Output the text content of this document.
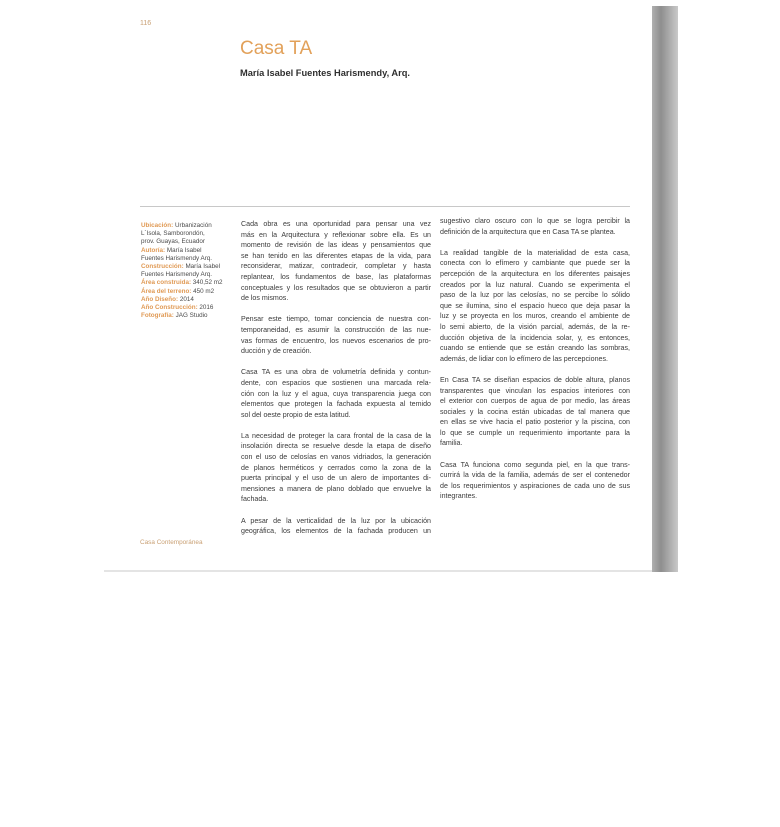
116
Casa TA
María Isabel Fuentes Harismendy, Arq.
Ubicación: Urbanización
L´Isola, Samborondón,
prov. Guayas, Ecuador
Autoría: María Isabel
Fuentes Harismendy Arq.
Construcción: María Isabel
Fuentes Harismendy Arq.
Área construida: 340,52 m2
Área del terreno: 450 m2
Año Diseño: 2014
Año Construcción: 2016
Fotografía: JAG Studio

Cada obra es una oportunidad para pensar una vez
más en la Arquitectura y reflexionar sobre ella. Es un
momento de revisión de las ideas y pensamientos que
se han tenido en las diferentes etapas de la vida, para
reconsiderar, matizar, contradecir, completar y hasta
replantear, los fundamentos de base, las plataformas
conceptuales y los resultados que se obtuvieron a partir
de los mismos.

Pensar este tiempo, tomar conciencia de nuestra con-
temporaneidad, es asumir la construcción de las nue-
vas formas de encuentro, los nuevos escenarios de pro-
ducción y de creación.

Casa TA es una obra de volumetría definida y contun-
dente, con espacios que sostienen una marcada rela-
ción con la luz y el agua, cuya transparencia juega con
elementos que protegen la fachada expuesta al temido
sol del oeste propio de esta latitud.

La necesidad de proteger la cara frontal de la casa de la
insolación directa se resuelve desde la etapa de diseño
con el uso de celosías en vanos vidriados, la generación
de planos herméticos y cerrados como la zona de la
puerta principal y el uso de un alero de importantes di-
mensiones a manera de plano doblado que envuelve la
fachada.

A pesar de la verticalidad de la luz por la ubicación
geográfica, los elementos de la fachada producen un

sugestivo claro oscuro con lo que se logra percibir la
definición de la arquitectura que en Casa TA se plantea.

La realidad tangible de la materialidad de esta casa,
conecta con lo efímero y cambiante que puede ser la
percepción de la arquitectura en los diferentes paisajes
creados por la luz natural. Cuando se experimenta el
paso de la luz por las celosías, no se percibe lo sólido
que se ilumina, sino el espacio hueco que deja pasar la
luz y se proyecta en los muros, creando el ambiente de
lo semi abierto, de la visión parcial, además, de la re-
ducción objetiva de la incidencia solar, y, es entonces,
cuando se entiende que se están creando las sombras,
además, de lidiar con lo efímero de las percepciones.

En Casa TA se diseñan espacios de doble altura, planos
transparentes que vinculan los espacios interiores con
el exterior con cuerpos de agua de por medio, las áreas
sociales y la cocina están ubicadas de tal manera que
en ellas se vive hacia el patio posterior y la piscina, con
lo que se cumple un requerimiento importante para la
familia.

Casa TA funciona como segunda piel, en la que trans-
currirá la vida de la familia, además de ser el contenedor
de los requerimientos y aspiraciones de cada uno de sus
integrantes.

Casa Contemporánea
